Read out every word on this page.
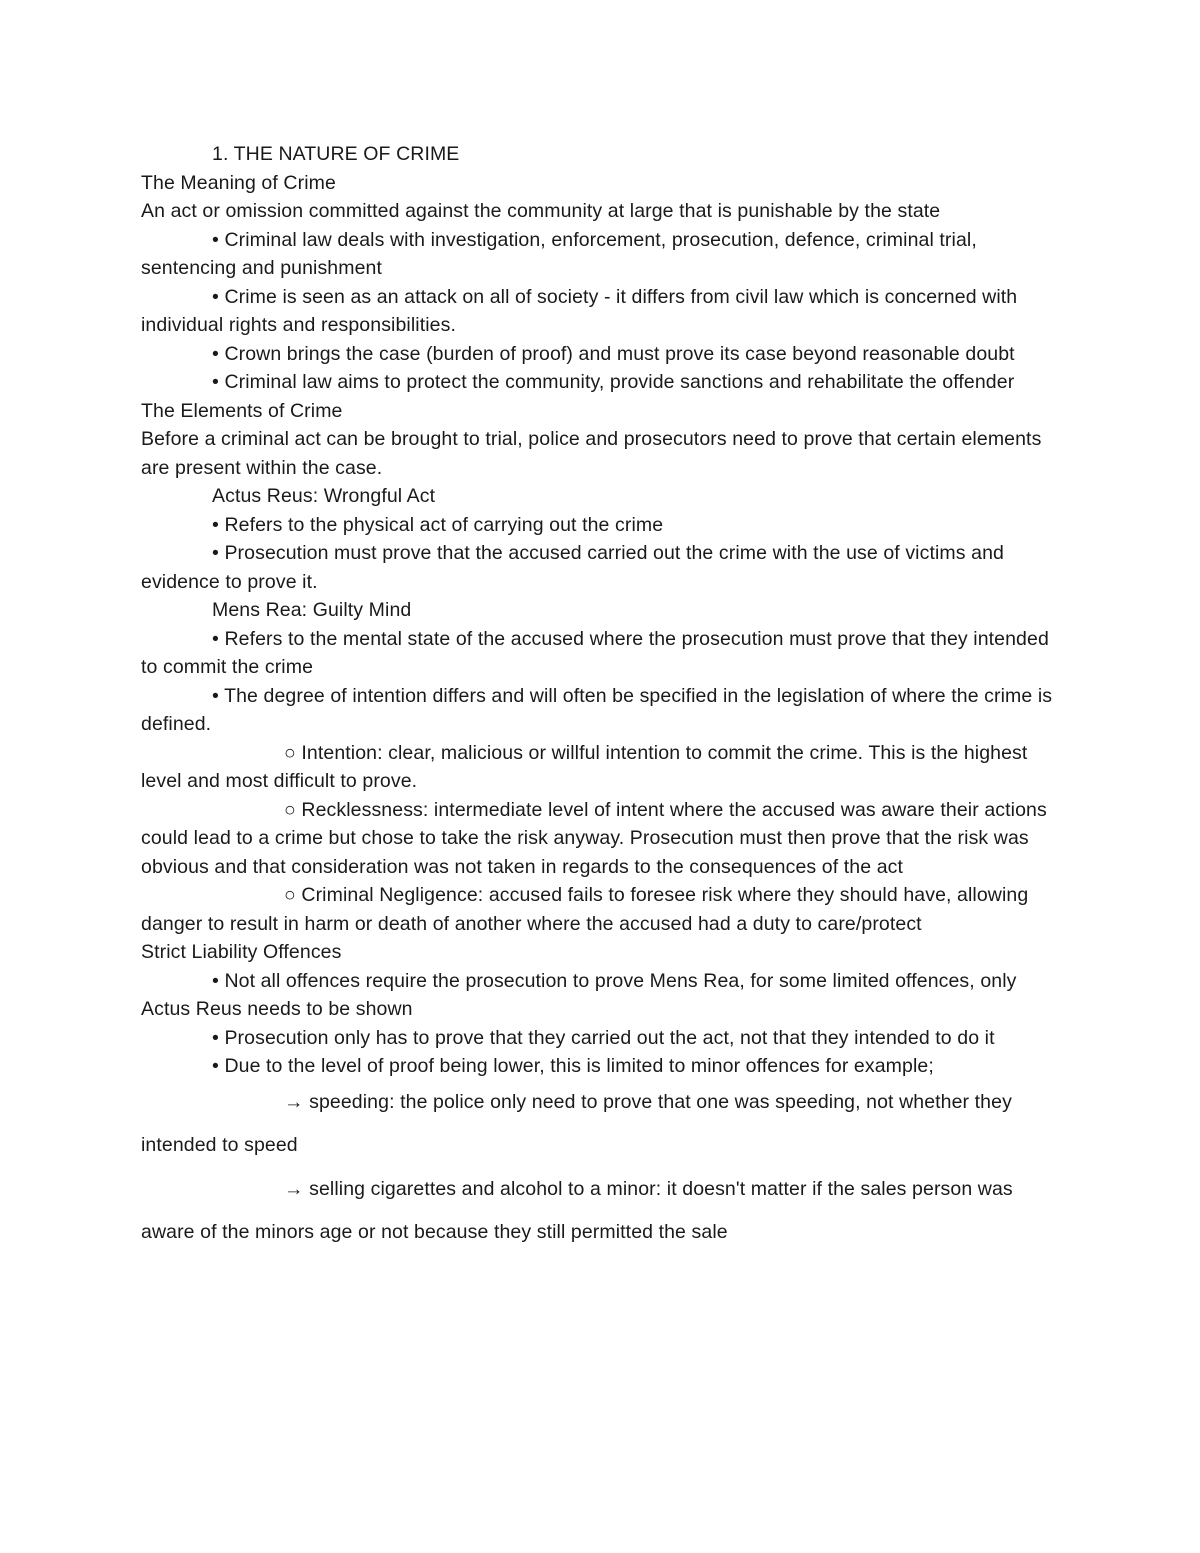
1. THE NATURE OF CRIME

The Meaning of Crime

An act or omission committed against the community at large that is punishable by the state

• Criminal law deals with investigation, enforcement, prosecution, defence, criminal trial, sentencing and punishment

• Crime is seen as an attack on all of society - it differs from civil law which is concerned with individual rights and responsibilities.

• Crown brings the case (burden of proof) and must prove its case beyond reasonable doubt

• Criminal law aims to protect the community, provide sanctions and rehabilitate the offender

The Elements of Crime

Before a criminal act can be brought to trial, police and prosecutors need to prove that certain elements are present within the case.

Actus Reus: Wrongful Act

• Refers to the physical act of carrying out the crime

• Prosecution must prove that the accused carried out the crime with the use of victims and evidence to prove it.

Mens Rea: Guilty Mind

• Refers to the mental state of the accused where the prosecution must prove that they intended to commit the crime

• The degree of intention differs and will often be specified in the legislation of where the crime is defined.

○ Intention: clear, malicious or willful intention to commit the crime. This is the highest level and most difficult to prove.

○ Recklessness: intermediate level of intent where the accused was aware their actions could lead to a crime but chose to take the risk anyway. Prosecution must then prove that the risk was obvious and that consideration was not taken in regards to the consequences of the act

○ Criminal Negligence: accused fails to foresee risk where they should have, allowing danger to result in harm or death of another where the accused had a duty to care/protect

Strict Liability Offences

• Not all offences require the prosecution to prove Mens Rea, for some limited offences, only Actus Reus needs to be shown

• Prosecution only has to prove that they carried out the act, not that they intended to do it

• Due to the level of proof being lower, this is limited to minor offences for example;

→ speeding: the police only need to prove that one was speeding, not whether they intended to speed

→ selling cigarettes and alcohol to a minor: it doesn't matter if the sales person was aware of the minors age or not because they still permitted the sale
